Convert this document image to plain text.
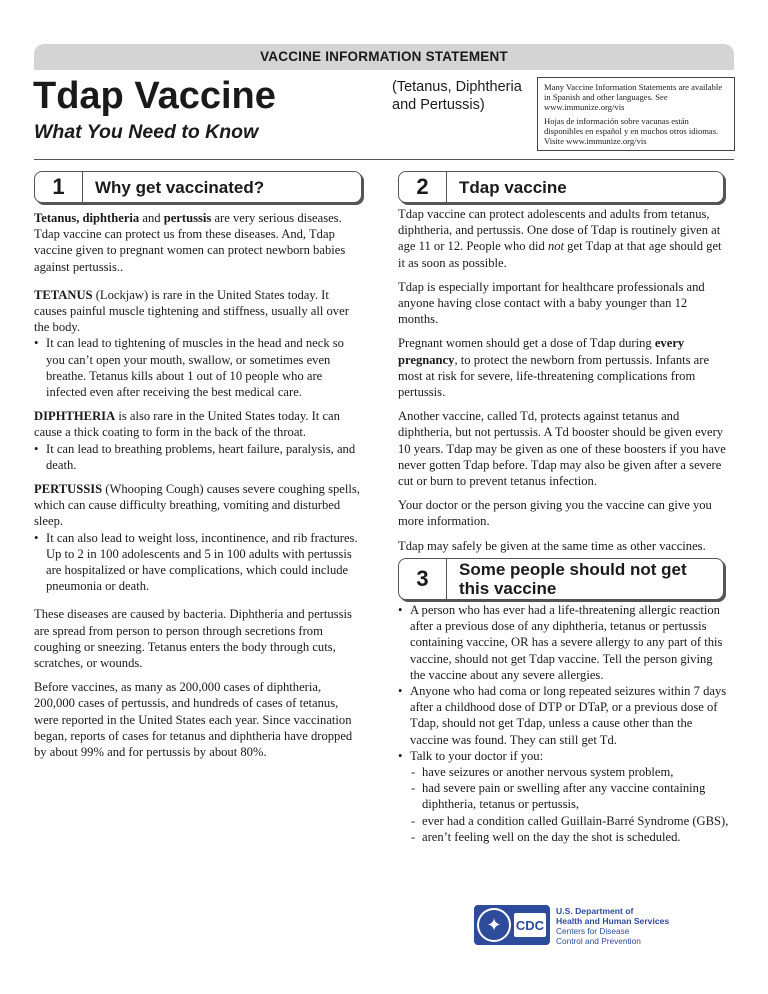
VACCINE INFORMATION STATEMENT
Tdap Vaccine
What You Need to Know
(Tetanus, Diphtheria and Pertussis)

Many Vaccine Information Statements are available in Spanish and other languages. See www.immunize.org/vis

Hojas de información sobre vacunas están disponibles en español y en muchos otros idiomas. Visite www.immunize.org/vis

1	Why get vaccinated?

Tetanus, diphtheria and pertussis are very serious diseases. Tdap vaccine can protect us from these diseases. And, Tdap vaccine given to pregnant women can protect newborn babies against pertussis..

TETANUS (Lockjaw) is rare in the United States today. It causes painful muscle tightening and stiffness, usually all over the body.

• It can lead to tightening of muscles in the head and neck so you can’t open your mouth, swallow, or sometimes even breathe. Tetanus kills about 1 out of 10 people who are infected even after receiving the best medical care.

DIPHTHERIA is also rare in the United States today. It can cause a thick coating to form in the back of the throat.

• It can lead to breathing problems, heart failure, paralysis, and death.

PERTUSSIS (Whooping Cough) causes severe coughing spells, which can cause difficulty breathing, vomiting and disturbed sleep.

• It can also lead to weight loss, incontinence, and rib fractures. Up to 2 in 100 adolescents and 5 in 100 adults with pertussis are hospitalized or have complications, which could include pneumonia or death.

These diseases are caused by bacteria. Diphtheria and pertussis are spread from person to person through secretions from coughing or sneezing. Tetanus enters the body through cuts, scratches, or wounds.

Before vaccines, as many as 200,000 cases of diphtheria, 200,000 cases of pertussis, and hundreds of cases of tetanus, were reported in the United States each year. Since vaccination began, reports of cases for tetanus and diphtheria have dropped by about 99% and for pertussis by about 80%.

2	Tdap vaccine

Tdap vaccine can protect adolescents and adults from tetanus, diphtheria, and pertussis. One dose of Tdap is routinely given at age 11 or 12. People who did not get Tdap at that age should get it as soon as possible.

Tdap is especially important for healthcare professionals and anyone having close contact with a baby younger than 12 months.

Pregnant women should get a dose of Tdap during every pregnancy, to protect the newborn from pertussis. Infants are most at risk for severe, life-threatening complications from pertussis.

Another vaccine, called Td, protects against tetanus and diphtheria, but not pertussis. A Td booster should be given every 10 years. Tdap may be given as one of these boosters if you have never gotten Tdap before. Tdap may also be given after a severe cut or burn to prevent tetanus infection.

Your doctor or the person giving you the vaccine can give you more information.

Tdap may safely be given at the same time as other vaccines.

3	Some people should not get this vaccine
• A person who has ever had a life-threatening allergic reaction after a previous dose of any diphtheria, tetanus or pertussis containing vaccine, OR has a severe allergy to any part of this vaccine, should not get Tdap vaccine. Tell the person giving the vaccine about any severe allergies.
• Anyone who had coma or long repeated seizures within 7 days after a childhood dose of DTP or DTaP, or a previous dose of Tdap, should not get Tdap, unless a cause other than the vaccine was found. They can still get Td.
• Talk to your doctor if you:
- have seizures or another nervous system problem,
- had severe pain or swelling after any vaccine containing diphtheria, tetanus or pertussis,
- ever had a condition called Guillain-Barré Syndrome (GBS),
- aren’t feeling well on the day the shot is scheduled.
✦	CDC
U.S. Department of
Health and Human Services
Centers for Disease
Control and Prevention
